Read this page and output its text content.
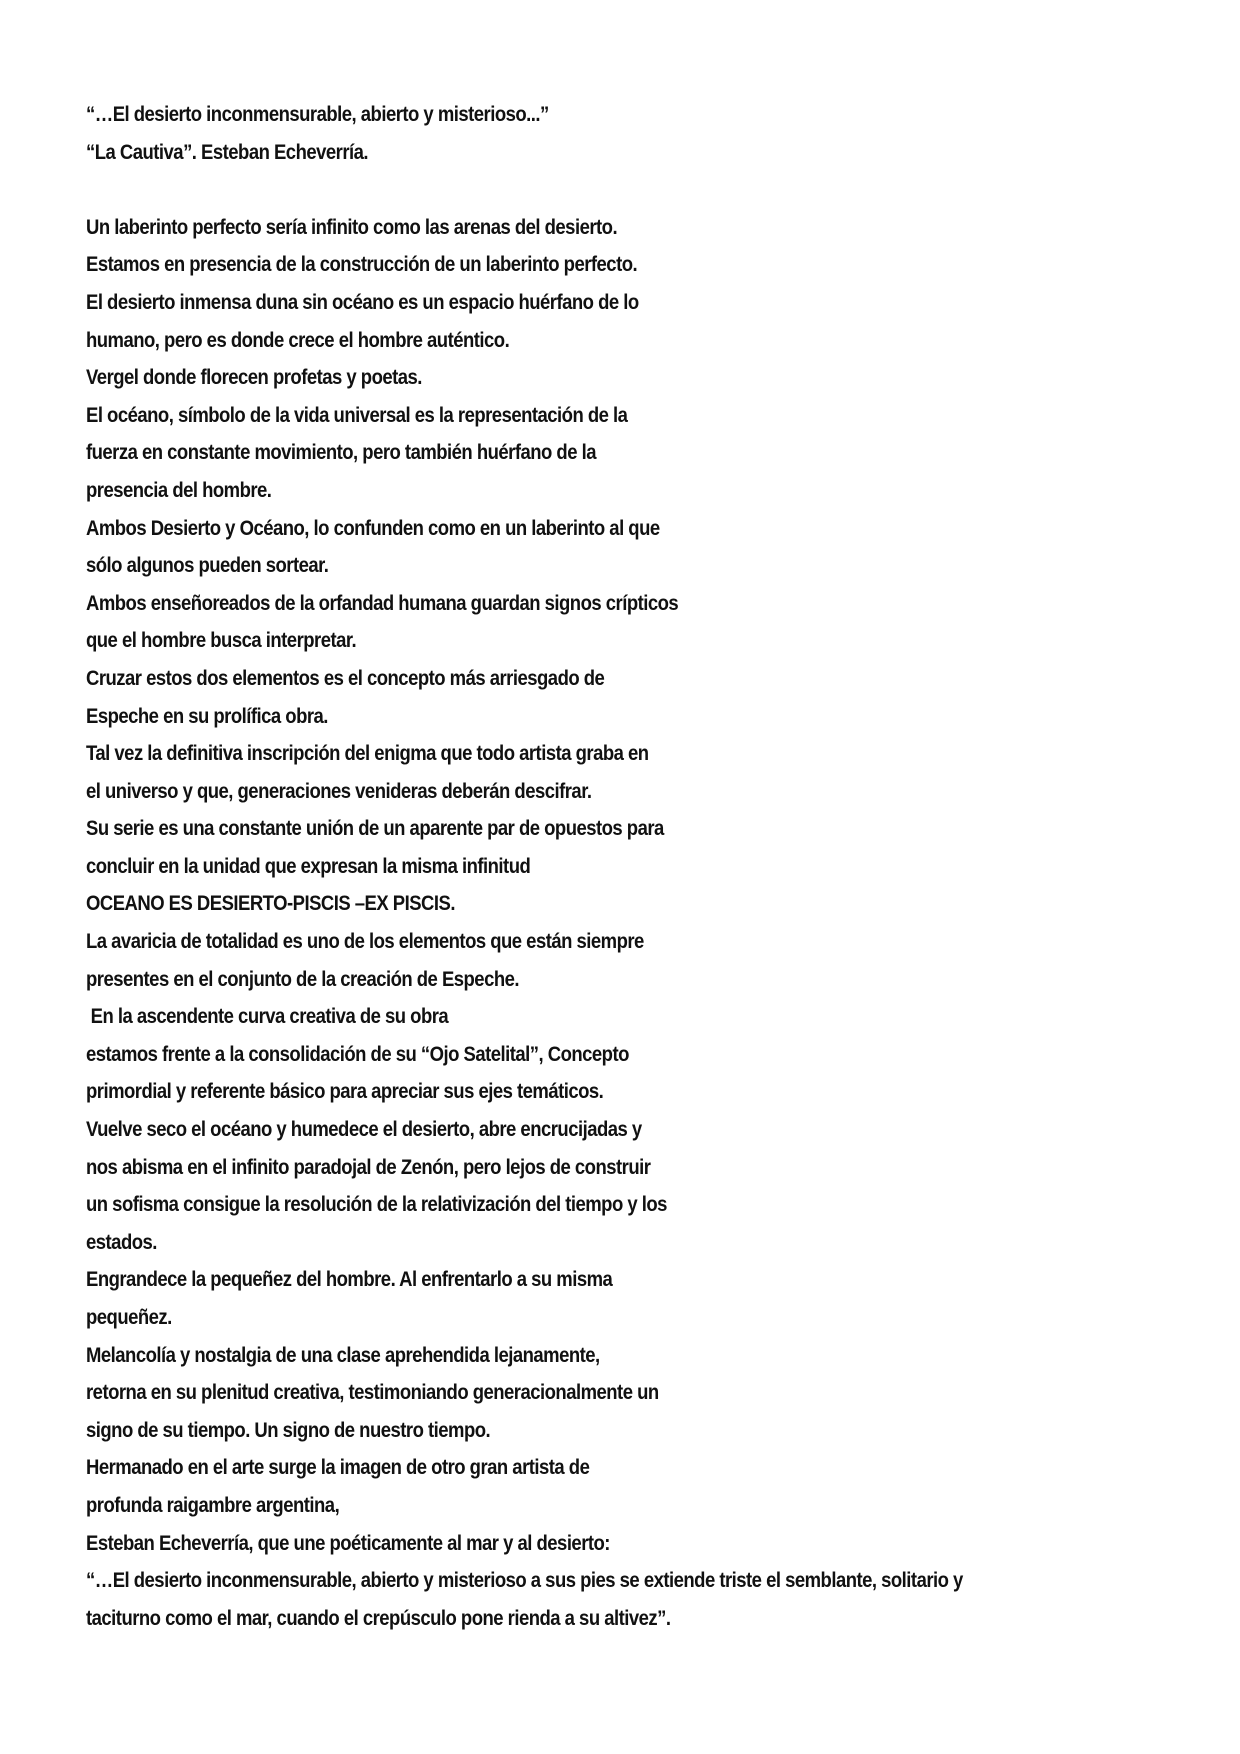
“…El desierto inconmensurable, abierto y misterioso...”
“La Cautiva”. Esteban Echeverría.
Un laberinto perfecto sería infinito como las arenas del desierto.
Estamos en presencia de la construcción de un laberinto perfecto.
El desierto inmensa duna sin océano es un espacio huérfano de lo
humano, pero es donde crece el hombre auténtico.
Vergel donde florecen profetas y poetas.
El océano, símbolo de la vida universal es la representación de la
fuerza en constante movimiento, pero también huérfano de la
presencia del hombre.
Ambos Desierto y Océano, lo confunden como en un laberinto al que
sólo algunos pueden sortear.
Ambos enseñoreados de la orfandad humana guardan signos crípticos
que el hombre busca interpretar.
Cruzar estos dos elementos es el concepto más arriesgado de
Espeche en su prolífica obra.
Tal vez la definitiva inscripción del enigma que todo artista graba en
el universo y que, generaciones venideras deberán descifrar.
Su serie es una constante unión de un aparente par de opuestos para
concluir en la unidad que expresan la misma infinitud
OCEANO ES DESIERTO-PISCIS –EX PISCIS.
La avaricia de totalidad es uno de los elementos que están siempre
presentes en el conjunto de la creación de Espeche.
En la ascendente curva creativa de su obra
estamos frente a la consolidación de su “Ojo Satelital”, Concepto
primordial y referente básico para apreciar sus ejes temáticos.
Vuelve seco el océano y humedece el desierto, abre encrucijadas y
nos abisma en el infinito paradojal de Zenón, pero lejos de construir
un sofisma consigue la resolución de la relativización del tiempo y los
estados.
Engrandece la pequeñez del hombre. Al enfrentarlo a su misma
pequeñez.
Melancolía y nostalgia de una clase aprehendida lejanamente,
retorna en su plenitud creativa, testimoniando generacionalmente un
signo de su tiempo. Un signo de nuestro tiempo.
Hermanado en el arte surge la imagen de otro gran artista de
profunda raigambre argentina,
Esteban Echeverría, que une poéticamente al mar y al desierto:
“…El desierto inconmensurable, abierto y misterioso a sus pies se extiende triste el semblante, solitario y
taciturno como el mar, cuando el crepúsculo pone rienda a su altivez”.
